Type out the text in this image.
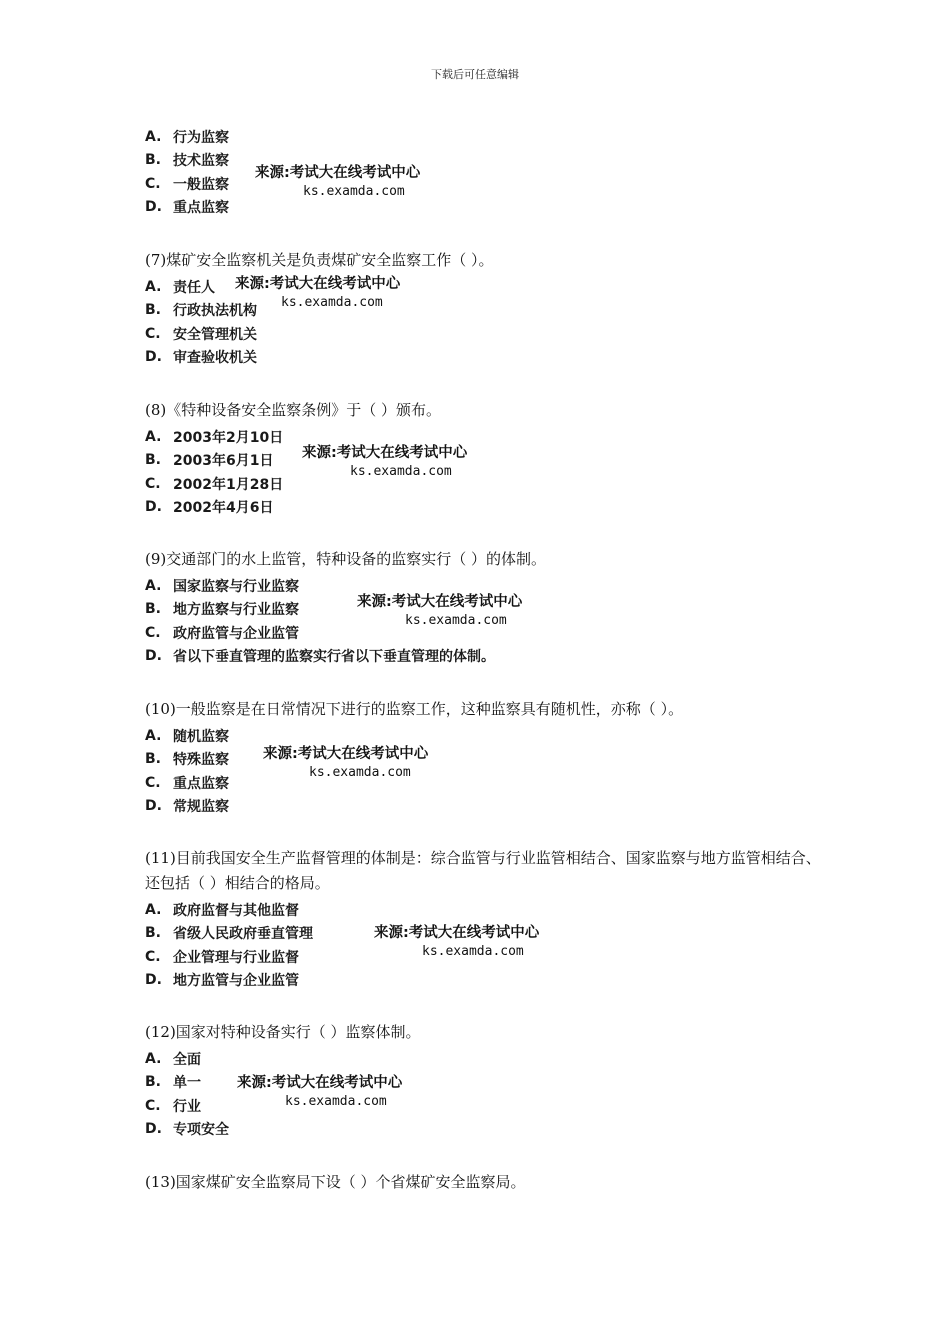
下载后可任意编辑
A. 行为监察
B. 技术监察
C. 一般监察
D. 重点监察
来源:考试大在线考试中心
ks.examda.com
(7)煤矿安全监察机关是负责煤矿安全监察工作（ ）。
A. 责任人
B. 行政执法机构
C. 安全管理机关
D. 审查验收机关
来源:考试大在线考试中心
ks.examda.com
(8)《特种设备安全监察条例》于（ ）颁布。
A. 2003年2月10日
B. 2003年6月1日
C. 2002年1月28日
D. 2002年4月6日
来源:考试大在线考试中心
ks.examda.com
(9)交通部门的水上监管，特种设备的监察实行（ ）的体制。
A. 国家监察与行业监察
B. 地方监察与行业监察
C. 政府监管与企业监管
D. 省以下垂直管理的监察实行省以下垂直管理的体制。
来源:考试大在线考试中心
ks.examda.com
(10)一般监察是在日常情况下进行的监察工作，这种监察具有随机性，亦称（ ）。
A. 随机监察
B. 特殊监察
C. 重点监察
D. 常规监察
来源:考试大在线考试中心
ks.examda.com
(11)目前我国安全生产监督管理的体制是：综合监管与行业监管相结合、国家监察与地方监管相结合、还包括（ ）相结合的格局。
A. 政府监督与其他监督
B. 省级人民政府垂直管理
C. 企业管理与行业监督
D. 地方监管与企业监管
来源:考试大在线考试中心
ks.examda.com
(12)国家对特种设备实行（ ）监察体制。
A. 全面
B. 单一
C. 行业
D. 专项安全
来源:考试大在线考试中心
ks.examda.com
(13)国家煤矿安全监察局下设（ ）个省煤矿安全监察局。
